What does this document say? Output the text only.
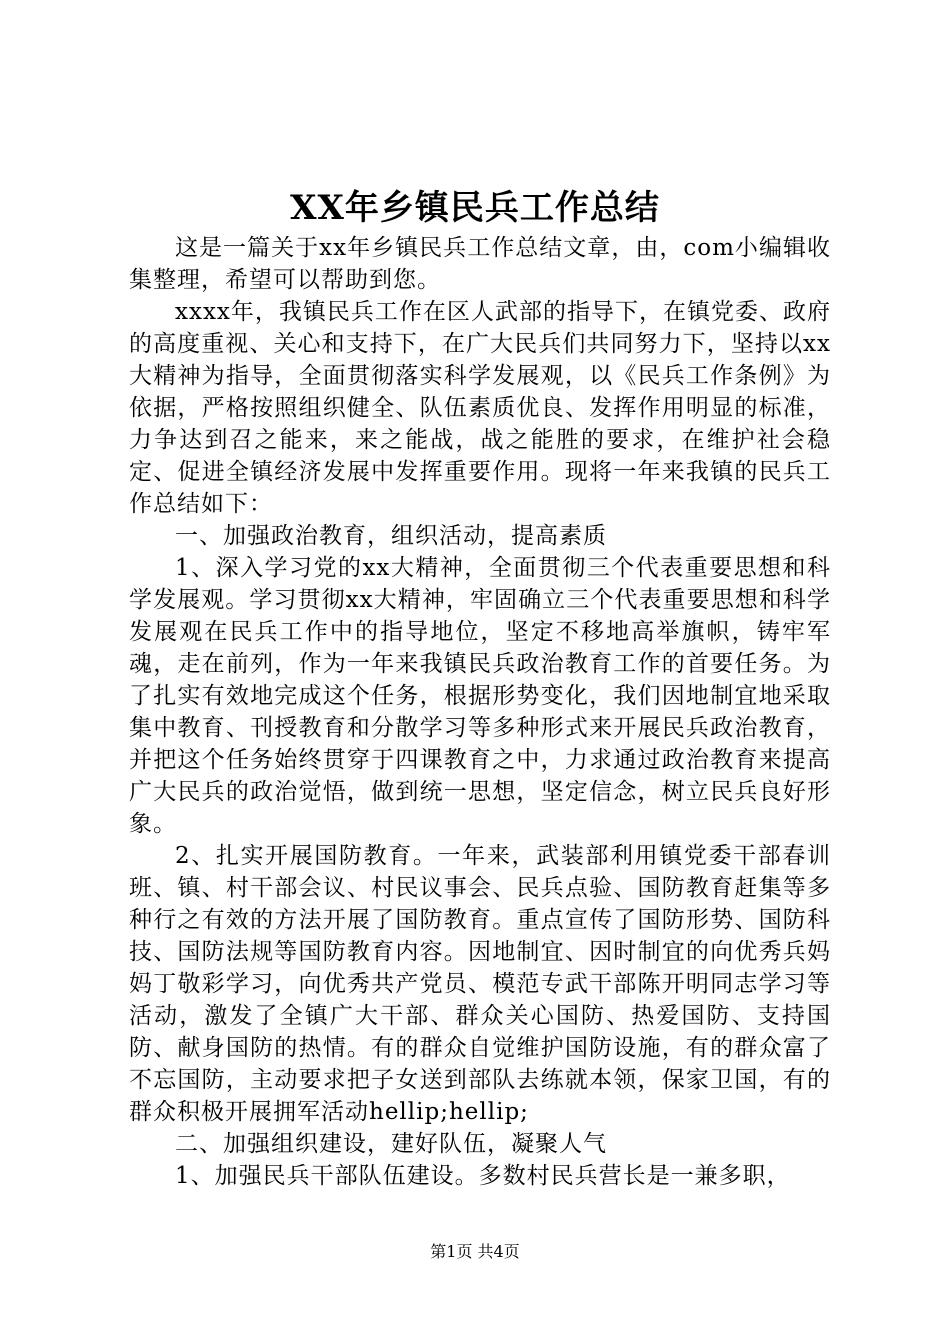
XX年乡镇民兵工作总结

这是一篇关于xx年乡镇民兵工作总结文章，由，com小编辑收集整理，希望可以帮助到您。

xxxx年，我镇民兵工作在区人武部的指导下，在镇党委、政府的高度重视、关心和支持下，在广大民兵们共同努力下，坚持以xx大精神为指导，全面贯彻落实科学发展观，以《民兵工作条例》为依据，严格按照组织健全、队伍素质优良、发挥作用明显的标准，力争达到召之能来，来之能战，战之能胜的要求，在维护社会稳定、促进全镇经济发展中发挥重要作用。现将一年来我镇的民兵工作总结如下：

一、加强政治教育，组织活动，提高素质

1、深入学习党的xx大精神，全面贯彻三个代表重要思想和科学发展观。学习贯彻xx大精神，牢固确立三个代表重要思想和科学发展观在民兵工作中的指导地位，坚定不移地高举旗帜，铸牢军魂，走在前列，作为一年来我镇民兵政治教育工作的首要任务。为了扎实有效地完成这个任务，根据形势变化，我们因地制宜地采取集中教育、刊授教育和分散学习等多种形式来开展民兵政治教育，并把这个任务始终贯穿于四课教育之中，力求通过政治教育来提高广大民兵的政治觉悟，做到统一思想，坚定信念，树立民兵良好形象。

2、扎实开展国防教育。一年来，武装部利用镇党委干部春训班、镇、村干部会议、村民议事会、民兵点验、国防教育赶集等多种行之有效的方法开展了国防教育。重点宣传了国防形势、国防科技、国防法规等国防教育内容。因地制宜、因时制宜的向优秀兵妈妈丁敬彩学习，向优秀共产党员、模范专武干部陈开明同志学习等活动，激发了全镇广大干部、群众关心国防、热爱国防、支持国防、献身国防的热情。有的群众自觉维护国防设施，有的群众富了不忘国防，主动要求把子女送到部队去练就本领，保家卫国，有的群众积极开展拥军活动hellip;hellip;

二、加强组织建设，建好队伍，凝聚人气

1、加强民兵干部队伍建设。多数村民兵营长是一兼多职，

第1页 共4页
